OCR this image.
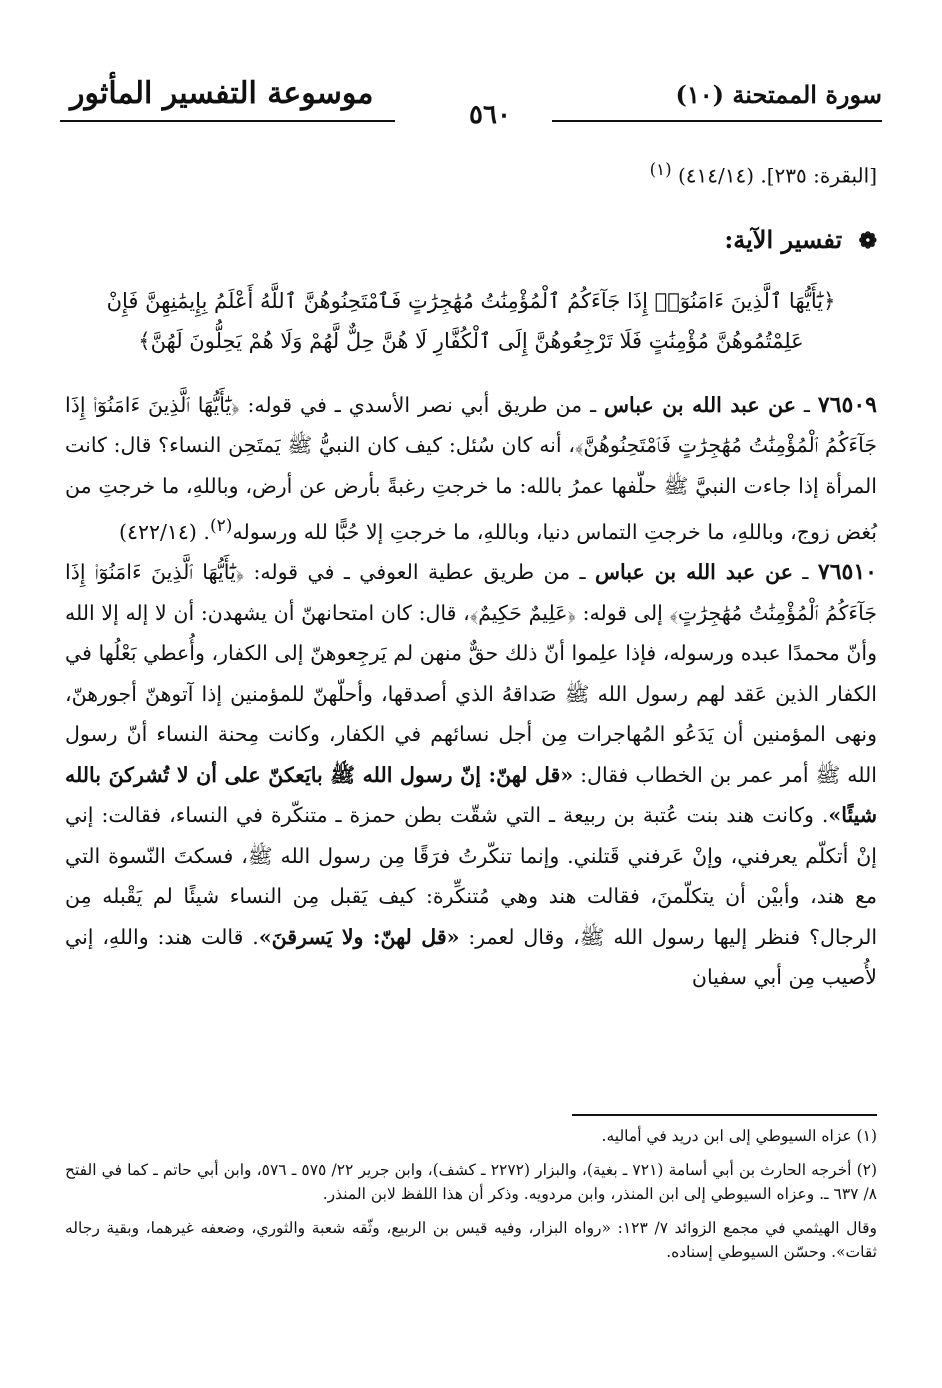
سورة الممتحنة (١٠)
موسوعة التفسير المأثور
٥٦٠

[البقرة: ٢٣٥]. (٤١٤/١٤) $^{(١)}$

❁ تفسير الآية:

﴿يَٰٓأَيُّهَا ٱلَّذِينَ ءَامَنُوٓا۟ إِذَا جَآءَكُمُ ٱلْمُؤْمِنَٰتُ مُهَٰجِرَٰتٍ فَٱمْتَحِنُوهُنَّ ٱللَّهُ أَعْلَمُ بِإِيمَٰنِهِنَّ فَإِنْ عَلِمْتُمُوهُنَّ مُؤْمِنَٰتٍ فَلَا تَرْجِعُوهُنَّ إِلَى ٱلْكُفَّارِ لَا هُنَّ حِلٌّ لَّهُمْ وَلَا هُمْ يَحِلُّونَ لَهُنَّ﴾

٧٦٥٠٩ ـ عن عبد الله بن عباس ـ من طريق أبي نصر الأسدي ـ في قوله: ﴿يَٰٓأَيُّهَا ٱلَّذِينَ ءَامَنُوٓا۟ إِذَا جَآءَكُمُ ٱلْمُؤْمِنَٰتُ مُهَٰجِرَٰتٍ فَٱمْتَحِنُوهُنَّ﴾، أنه كان سُئل: كيف كان النبيُّ ﷺ يَمتَحِن النساء؟ قال: كانت المرأة إذا جاءت النبيَّ ﷺ حلّفها عمرُ بالله: ما خرجتِ رغبةً بأرض عن أرض، وباللهِ، ما خرجتِ من بُغض زوج، وباللهِ، ما خرجتِ التماس دنيا، وباللهِ، ما خرجتِ إلا حُبًّا لله ورسوله$^{(٢)}$. (٤٢٢/١٤)

٧٦٥١٠ ـ عن عبد الله بن عباس ـ من طريق عطية العوفي ـ في قوله: ﴿يَٰٓأَيُّهَا ٱلَّذِينَ ءَامَنُوٓا۟ إِذَا جَآءَكُمُ ٱلْمُؤْمِنَٰتُ مُهَٰجِرَٰتٍ﴾ إلى قوله: ﴿عَلِيمٌ حَكِيمٌ﴾، قال: كان امتحانهنّ أن يشهدن: أن لا إله إلا الله وأنّ محمدًا عبده ورسوله، فإذا علِموا أنّ ذلك حقٌّ منهن لم يَرجِعوهنّ إلى الكفار، وأُعطي بَعْلُها في الكفار الذين عَقد لهم رسول الله ﷺ صَداقهُ الذي أصدقها، وأحلّهنّ للمؤمنين إذا آتوهنّ أجورهنّ، ونهى المؤمنين أن يَدَعُو المُهاجرات مِن أجل نسائهم في الكفار، وكانت مِحنة النساء أنّ رسول الله ﷺ أمر عمر بن الخطاب فقال: «قل لهنّ: إنّ رسول الله ﷺ بايَعكنّ على أن لا تُشركنَ بالله شيئًا». وكانت هند بنت عُتبة بن ربيعة ـ التي شقّت بطن حمزة ـ متنكّرة في النساء، فقالت: إني إنْ أتكلّم يعرفني، وإنْ عَرفني قَتلني. وإنما تنكّرتُ فرَقًا مِن رسول الله ﷺ، فسكتَ النّسوة التي مع هند، وأبيْن أن يتكلّمنَ، فقالت هند وهي مُتنكِّرة: كيف يَقبل مِن النساء شيئًا لم يَقْبله مِن الرجال؟ فنظر إليها رسول الله ﷺ، وقال لعمر: «قل لهنّ: ولا يَسرقنَ». قالت هند: واللهِ، إني لأُصيب مِن أبي سفيان

(١) عزاه السيوطي إلى ابن دريد في أماليه.

(٢) أخرجه الحارث بن أبي أسامة (٧٢١ ـ بغية)، والبزار (٢٢٧٢ ـ كشف)، وابن جرير ٢٢/ ٥٧٥ ـ ٥٧٦، وابن أبي حاتم ـ كما في الفتح ٨/ ٦٣٧ ـ. وعزاه السيوطي إلى ابن المنذر، وابن مردويه. وذكر أن هذا اللفظ لابن المنذر.

وقال الهيثمي في مجمع الزوائد ٧/ ١٢٣: «رواه البزار، وفيه قيس بن الربيع، وثّقه شعبة والثوري، وضعفه غيرهما، وبقية رجاله ثقات». وحسّن السيوطي إسناده.
